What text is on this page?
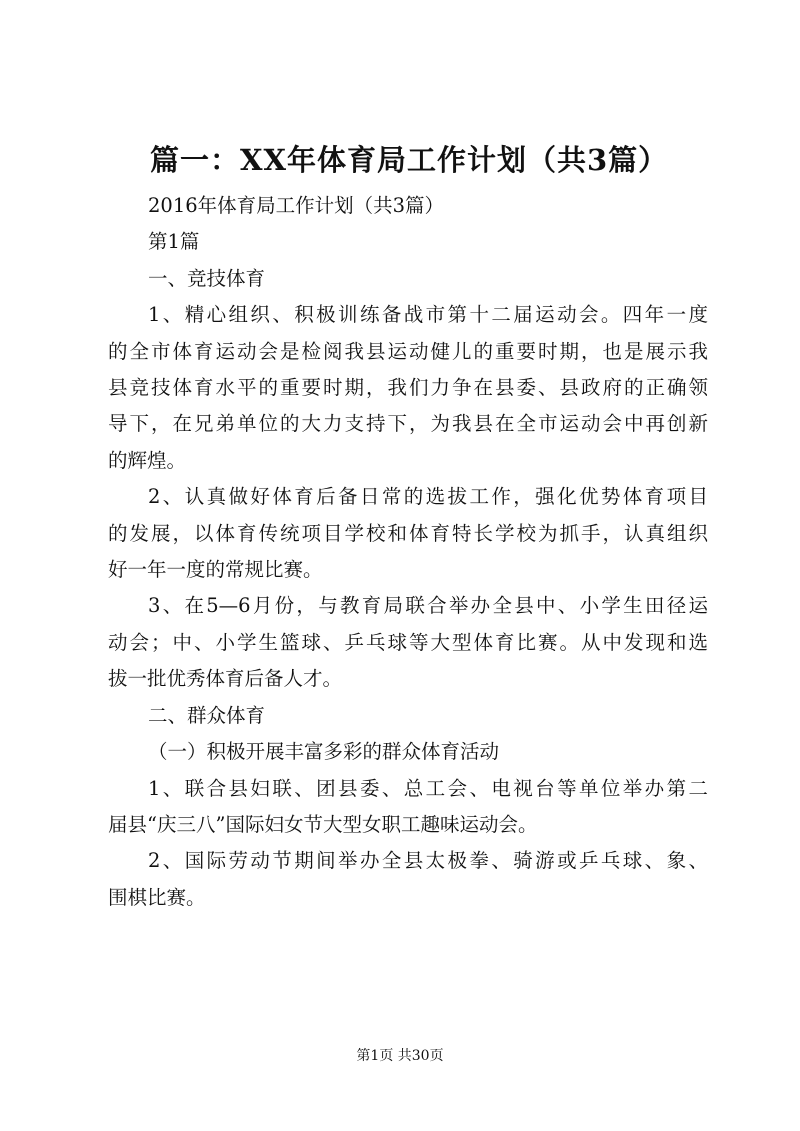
篇一：XX年体育局工作计划（共3篇）

2016年体育局工作计划（共3篇）

第1篇

一、竞技体育

1、精心组织、积极训练备战市第十二届运动会。四年一度
的全市体育运动会是检阅我县运动健儿的重要时期，也是展示我
县竞技体育水平的重要时期，我们力争在县委、县政府的正确领
导下，在兄弟单位的大力支持下，为我县在全市运动会中再创新
的辉煌。

2、认真做好体育后备日常的选拔工作，强化优势体育项目
的发展，以体育传统项目学校和体育特长学校为抓手，认真组织
好一年一度的常规比赛。

3、在5—6月份，与教育局联合举办全县中、小学生田径运
动会；中、小学生篮球、乒乓球等大型体育比赛。从中发现和选
拔一批优秀体育后备人才。

二、群众体育

（一）积极开展丰富多彩的群众体育活动

1、联合县妇联、团县委、总工会、电视台等单位举办第二
届县“庆三八”国际妇女节大型女职工趣味运动会。

2、国际劳动节期间举办全县太极拳、骑游或乒乓球、象、
围棋比赛。

第1页 共30页
